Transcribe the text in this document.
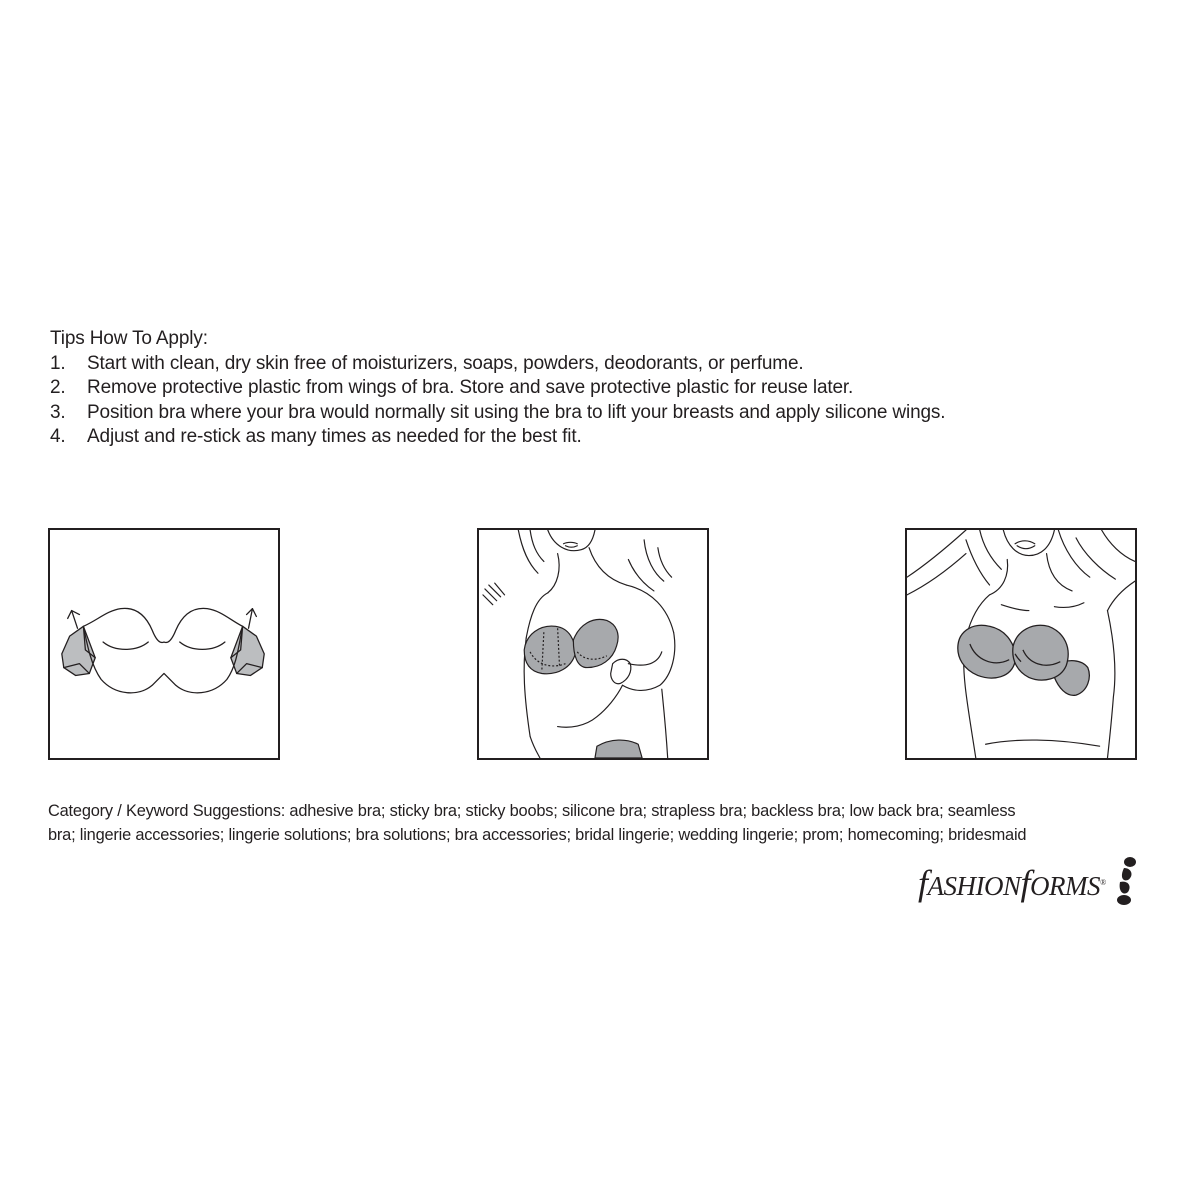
Tips How To Apply:
1.	Start with clean, dry skin free of moisturizers, soaps, powders, deodorants, or perfume.
2.	Remove protective plastic from wings of bra. Store and save protective plastic for reuse later.
3.	Position bra where your bra would normally sit using the bra to lift your breasts and apply silicone wings.
4.	Adjust and re-stick as many times as needed for the best fit.

Category / Keyword Suggestions: adhesive bra; sticky bra; sticky boobs; silicone bra; strapless bra; backless bra; low back bra; seamless
bra; lingerie accessories; lingerie solutions; bra solutions; bra accessories; bridal lingerie; wedding lingerie; prom; homecoming; bridesmaid

fASHIONfORMS®
